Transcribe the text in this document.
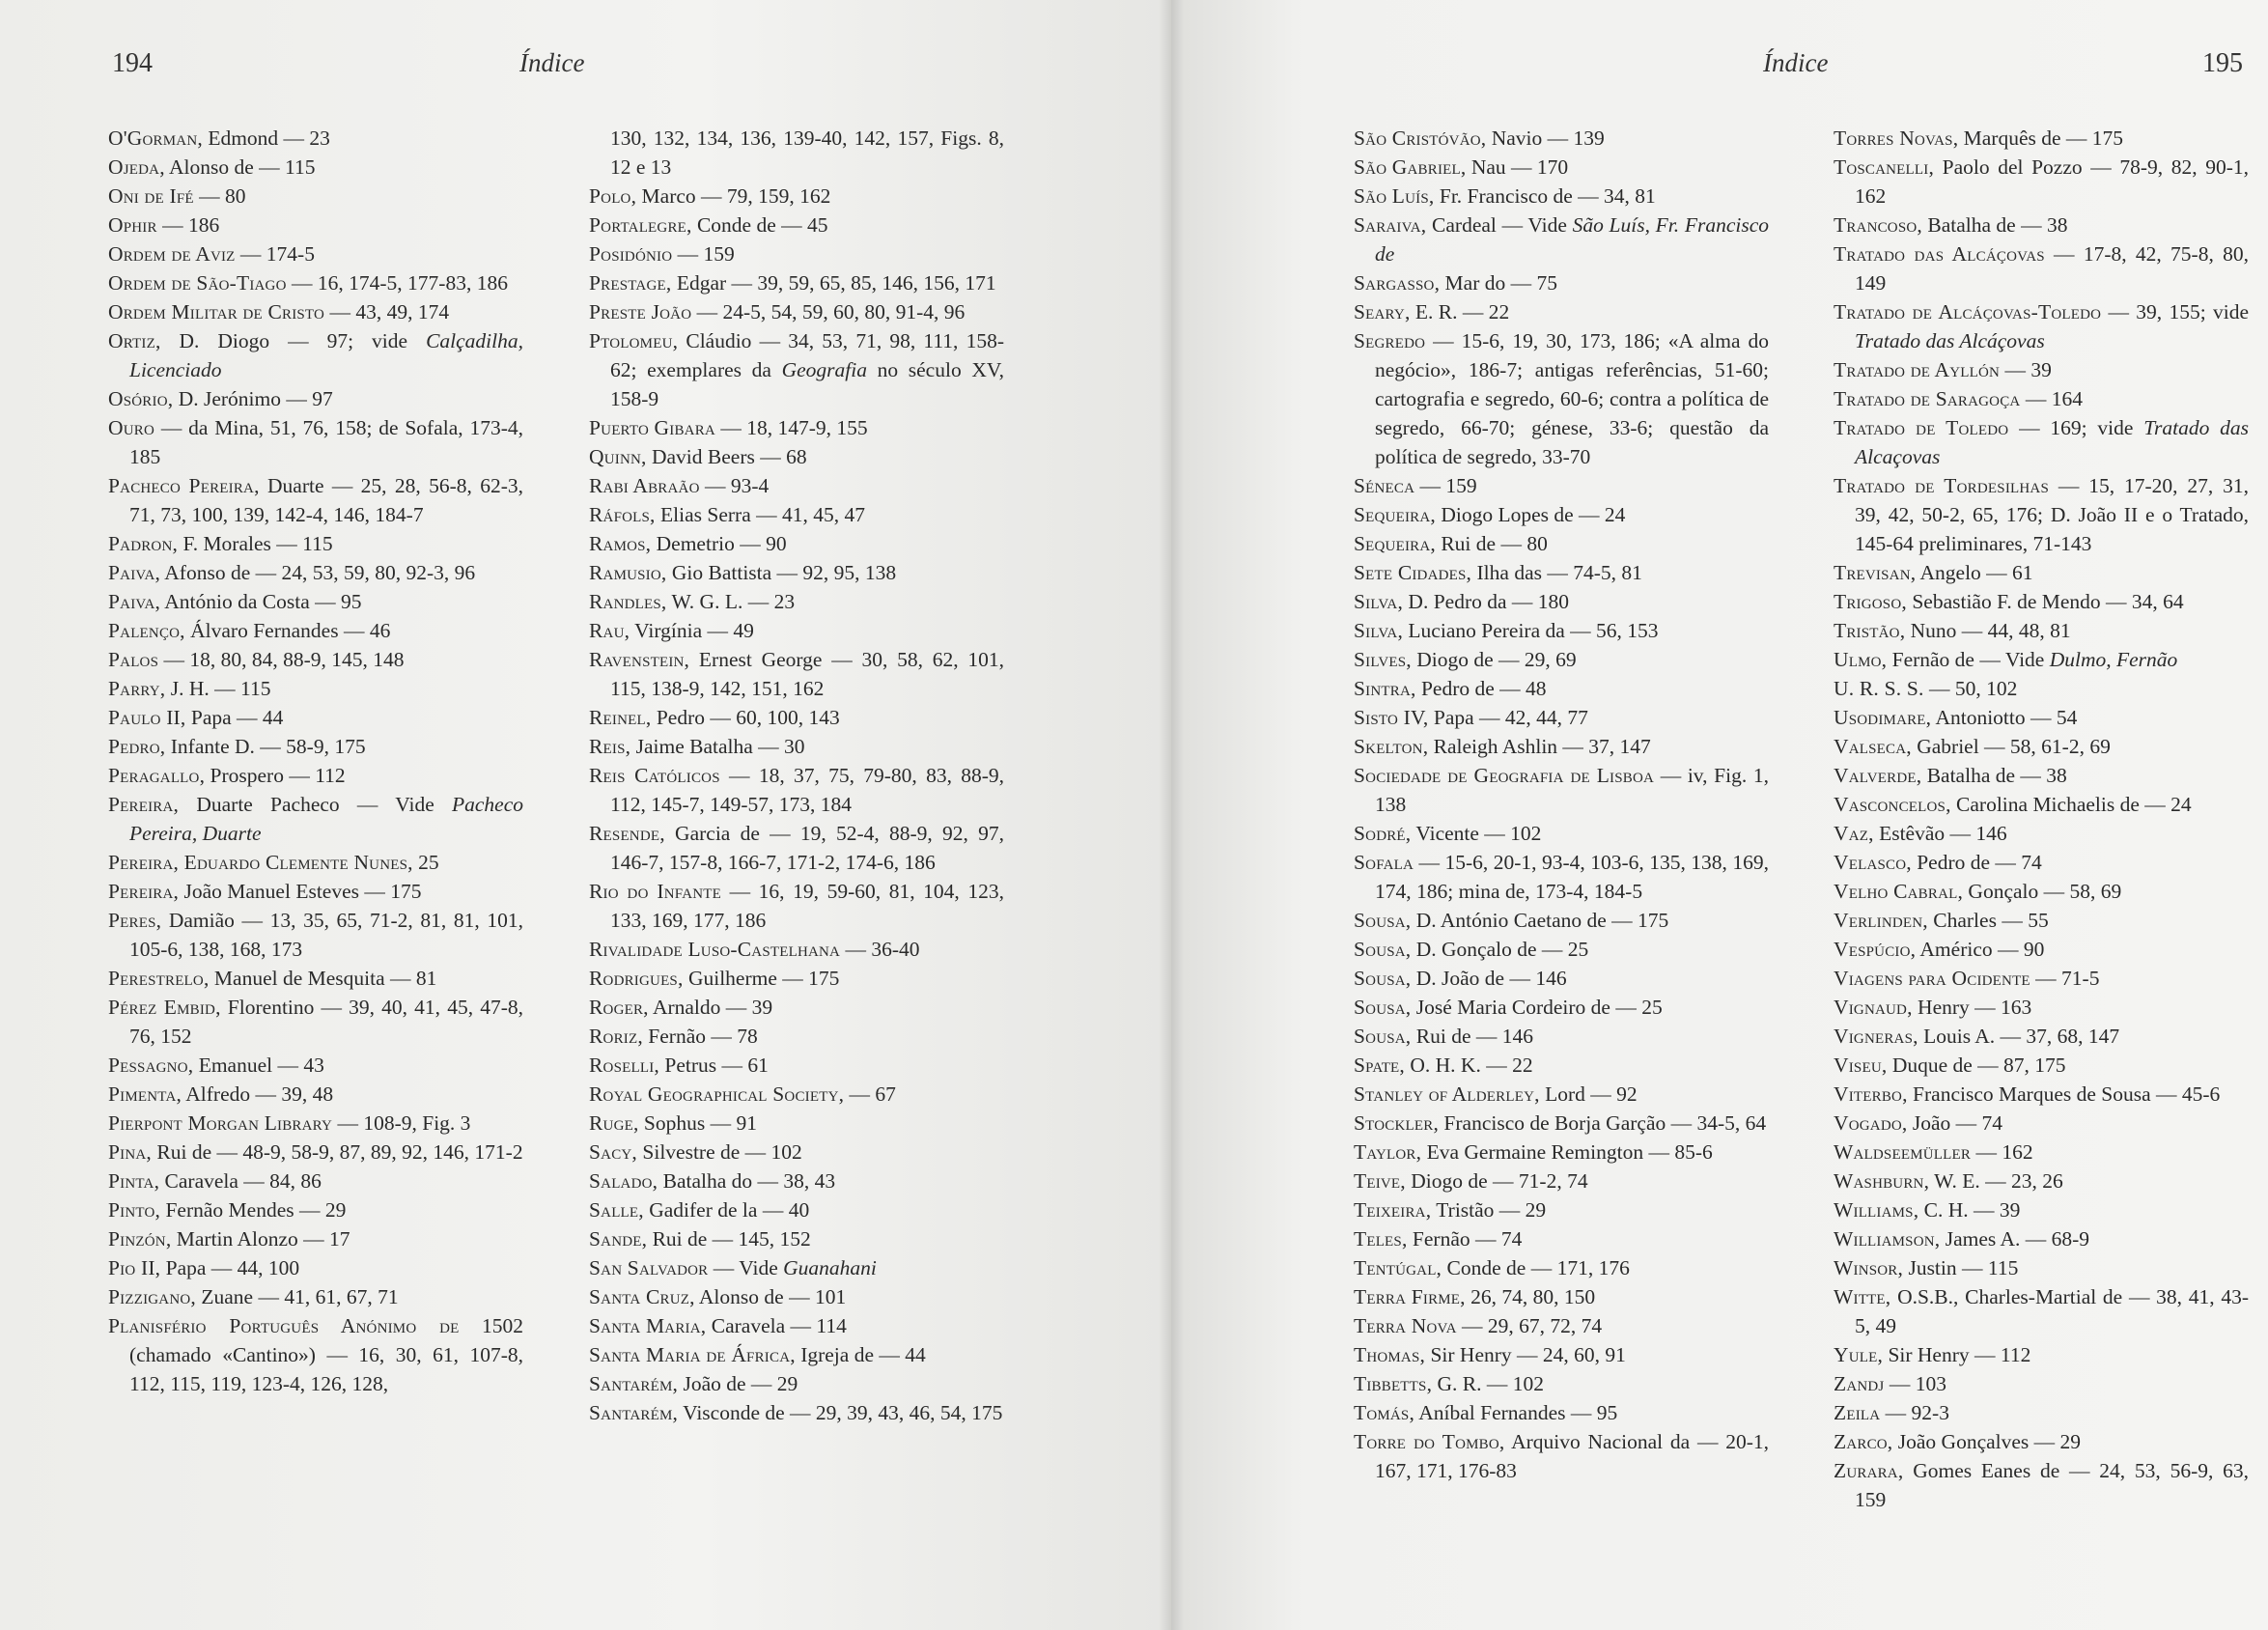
194	Índice

O'Gorman, Edmond — 23

Ojeda, Alonso de — 115

Oni de Ifé — 80

Ophir — 186

Ordem de Aviz — 174-5

Ordem de São-Tiago — 16, 174-5, 177-83, 186

Ordem Militar de Cristo — 43, 49, 174

Ortiz, D. Diogo — 97; vide Calçadilha, Licenciado

Osório, D. Jerónimo — 97

Ouro — da Mina, 51, 76, 158; de Sofala, 173-4, 185

Pacheco Pereira, Duarte — 25, 28, 56-8, 62-3, 71, 73, 100, 139, 142-4, 146, 184-7

Padron, F. Morales — 115

Paiva, Afonso de — 24, 53, 59, 80, 92-3, 96

Paiva, António da Costa — 95

Palenço, Álvaro Fernandes — 46

Palos — 18, 80, 84, 88-9, 145, 148

Parry, J. H. — 115

Paulo II, Papa — 44

Pedro, Infante D. — 58-9, 175

Peragallo, Prospero — 112

Pereira, Duarte Pacheco — Vide Pacheco Pereira, Duarte

Pereira, Eduardo Clemente Nunes, 25

Pereira, João Manuel Esteves — 175

Peres, Damião — 13, 35, 65, 71-2, 81, 81, 101, 105-6, 138, 168, 173

Perestrelo, Manuel de Mesquita — 81

Pérez Embid, Florentino — 39, 40, 41, 45, 47-8, 76, 152

Pessagno, Emanuel — 43

Pimenta, Alfredo — 39, 48

Pierpont Morgan Library — 108-9, Fig. 3

Pina, Rui de — 48-9, 58-9, 87, 89, 92, 146, 171-2

Pinta, Caravela — 84, 86

Pinto, Fernão Mendes — 29

Pinzón, Martin Alonzo — 17

Pio II, Papa — 44, 100

Pizzigano, Zuane — 41, 61, 67, 71

Planisfério Português Anónimo de 1502 (chamado «Cantino») — 16, 30, 61, 107-8, 112, 115, 119, 123-4, 126, 128,

130, 132, 134, 136, 139-40, 142, 157, Figs. 8, 12 e 13

Polo, Marco — 79, 159, 162

Portalegre, Conde de — 45

Posidónio — 159

Prestage, Edgar — 39, 59, 65, 85, 146, 156, 171

Preste João — 24-5, 54, 59, 60, 80, 91-4, 96

Ptolomeu, Cláudio — 34, 53, 71, 98, 111, 158-62; exemplares da Geografia no século XV, 158-9

Puerto Gibara — 18, 147-9, 155

Quinn, David Beers — 68

Rabi Abraão — 93-4

Ráfols, Elias Serra — 41, 45, 47

Ramos, Demetrio — 90

Ramusio, Gio Battista — 92, 95, 138

Randles, W. G. L. — 23

Rau, Virgínia — 49

Ravenstein, Ernest George — 30, 58, 62, 101, 115, 138-9, 142, 151, 162

Reinel, Pedro — 60, 100, 143

Reis, Jaime Batalha — 30

Reis Católicos — 18, 37, 75, 79-80, 83, 88-9, 112, 145-7, 149-57, 173, 184

Resende, Garcia de — 19, 52-4, 88-9, 92, 97, 146-7, 157-8, 166-7, 171-2, 174-6, 186

Rio do Infante — 16, 19, 59-60, 81, 104, 123, 133, 169, 177, 186

Rivalidade Luso-Castelhana — 36-40

Rodrigues, Guilherme — 175

Roger, Arnaldo — 39

Roriz, Fernão — 78

Roselli, Petrus — 61

Royal Geographical Society, — 67

Ruge, Sophus — 91

Sacy, Silvestre de — 102

Salado, Batalha do — 38, 43

Salle, Gadifer de la — 40

Sande, Rui de — 145, 152

San Salvador — Vide Guanahani

Santa Cruz, Alonso de — 101

Santa Maria, Caravela — 114

Santa Maria de África, Igreja de — 44

Santarém, João de — 29

Santarém, Visconde de — 29, 39, 43, 46, 54, 175

Índice	195

São Cristóvão, Navio — 139

São Gabriel, Nau — 170

São Luís, Fr. Francisco de — 34, 81

Saraiva, Cardeal — Vide São Luís, Fr. Francisco de

Sargasso, Mar do — 75

Seary, E. R. — 22

Segredo — 15-6, 19, 30, 173, 186; «A alma do negócio», 186-7; antigas referências, 51-60; cartografia e segredo, 60-6; contra a política de segredo, 66-70; génese, 33-6; questão da política de segredo, 33-70

Séneca — 159

Sequeira, Diogo Lopes de — 24

Sequeira, Rui de — 80

Sete Cidades, Ilha das — 74-5, 81

Silva, D. Pedro da — 180

Silva, Luciano Pereira da — 56, 153

Silves, Diogo de — 29, 69

Sintra, Pedro de — 48

Sisto IV, Papa — 42, 44, 77

Skelton, Raleigh Ashlin — 37, 147

Sociedade de Geografia de Lisboa — iv, Fig. 1, 138

Sodré, Vicente — 102

Sofala — 15-6, 20-1, 93-4, 103-6, 135, 138, 169, 174, 186; mina de, 173-4, 184-5

Sousa, D. António Caetano de — 175

Sousa, D. Gonçalo de — 25

Sousa, D. João de — 146

Sousa, José Maria Cordeiro de — 25

Sousa, Rui de — 146

Spate, O. H. K. — 22

Stanley of Alderley, Lord — 92

Stockler, Francisco de Borja Garção — 34-5, 64

Taylor, Eva Germaine Remington — 85-6

Teive, Diogo de — 71-2, 74

Teixeira, Tristão — 29

Teles, Fernão — 74

Tentúgal, Conde de — 171, 176

Terra Firme, 26, 74, 80, 150

Terra Nova — 29, 67, 72, 74

Thomas, Sir Henry — 24, 60, 91

Tibbetts, G. R. — 102

Tomás, Aníbal Fernandes — 95

Torre do Tombo, Arquivo Nacional da — 20-1, 167, 171, 176-83

Torres Novas, Marquês de — 175

Toscanelli, Paolo del Pozzo — 78-9, 82, 90-1, 162

Trancoso, Batalha de — 38

Tratado das Alcáçovas — 17-8, 42, 75-8, 80, 149

Tratado de Alcáçovas-Toledo — 39, 155; vide Tratado das Alcáçovas

Tratado de Ayllón — 39

Tratado de Saragoça — 164

Tratado de Toledo — 169; vide Tratado das Alcaçovas

Tratado de Tordesilhas — 15, 17-20, 27, 31, 39, 42, 50-2, 65, 176; D. João II e o Tratado, 145-64 preliminares, 71-143

Trevisan, Angelo — 61

Trigoso, Sebastião F. de Mendo — 34, 64

Tristão, Nuno — 44, 48, 81

Ulmo, Fernão de — Vide Dulmo, Fernão

U. R. S. S. — 50, 102

Usodimare, Antoniotto — 54

Valseca, Gabriel — 58, 61-2, 69

Valverde, Batalha de — 38

Vasconcelos, Carolina Michaelis de — 24

Vaz, Estêvão — 146

Velasco, Pedro de — 74

Velho Cabral, Gonçalo — 58, 69

Verlinden, Charles — 55

Vespúcio, Américo — 90

Viagens para Ocidente — 71-5

Vignaud, Henry — 163

Vigneras, Louis A. — 37, 68, 147

Viseu, Duque de — 87, 175

Viterbo, Francisco Marques de Sousa — 45-6

Vogado, João — 74

Waldseemüller — 162

Washburn, W. E. — 23, 26

Williams, C. H. — 39

Williamson, James A. — 68-9

Winsor, Justin — 115

Witte, O.S.B., Charles-Martial de — 38, 41, 43-5, 49

Yule, Sir Henry — 112

Zandj — 103

Zeila — 92-3

Zarco, João Gonçalves — 29

Zurara, Gomes Eanes de — 24, 53, 56-9, 63, 159
